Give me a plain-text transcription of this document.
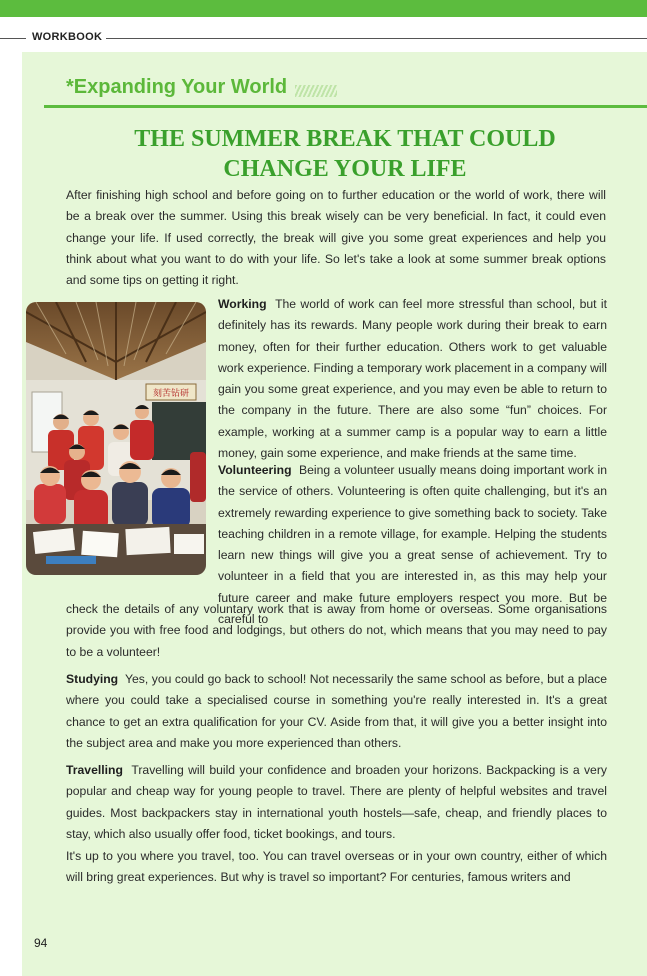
WORKBOOK
*Expanding Your World
THE SUMMER BREAK THAT COULD
CHANGE YOUR LIFE

After finishing high school and before going on to further education or the world of work, there will be a break over the summer. Using this break wisely can be very beneficial. In fact, it could even change your life. If used correctly, the break will give you some great experiences and help you think about what you want to do with your life. So let's take a look at some summer break options and some tips on getting it right.

刻苦钻研

Working The world of work can feel more stressful than school, but it definitely has its rewards. Many people work during their break to earn money, often for their further education. Others work to get valuable work experience. Finding a temporary work placement in a company will gain you some great experience, and you may even be able to return to the company in the future. There are also some “fun” choices. For example, working at a summer camp is a popular way to earn a little money, gain some experience, and make friends at the same time.

Volunteering Being a volunteer usually means doing important work in the service of others. Volunteering is often quite challenging, but it's an extremely rewarding experience to give something back to society. Take teaching children in a remote village, for example. Helping the students learn new things will give you a great sense of achievement. Try to volunteer in a field that you are interested in, as this may help your future career and make future employers respect you more. But be careful to

check the details of any voluntary work that is away from home or overseas. Some organisations provide you with free food and lodgings, but others do not, which means that you may need to pay to be a volunteer!

Studying Yes, you could go back to school! Not necessarily the same school as before, but a place where you could take a specialised course in something you're really interested in. It's a great chance to get an extra qualification for your CV. Aside from that, it will give you a better insight into the subject area and make you more experienced than others.

Travelling Travelling will build your confidence and broaden your horizons. Backpacking is a very popular and cheap way for young people to travel. There are plenty of helpful websites and travel guides. Most backpackers stay in international youth hostels—safe, cheap, and friendly places to stay, which also usually offer food, ticket bookings, and tours.

It's up to you where you travel, too. You can travel overseas or in your own country, either of which will bring great experiences. But why is travel so important? For centuries, famous writers and

94
